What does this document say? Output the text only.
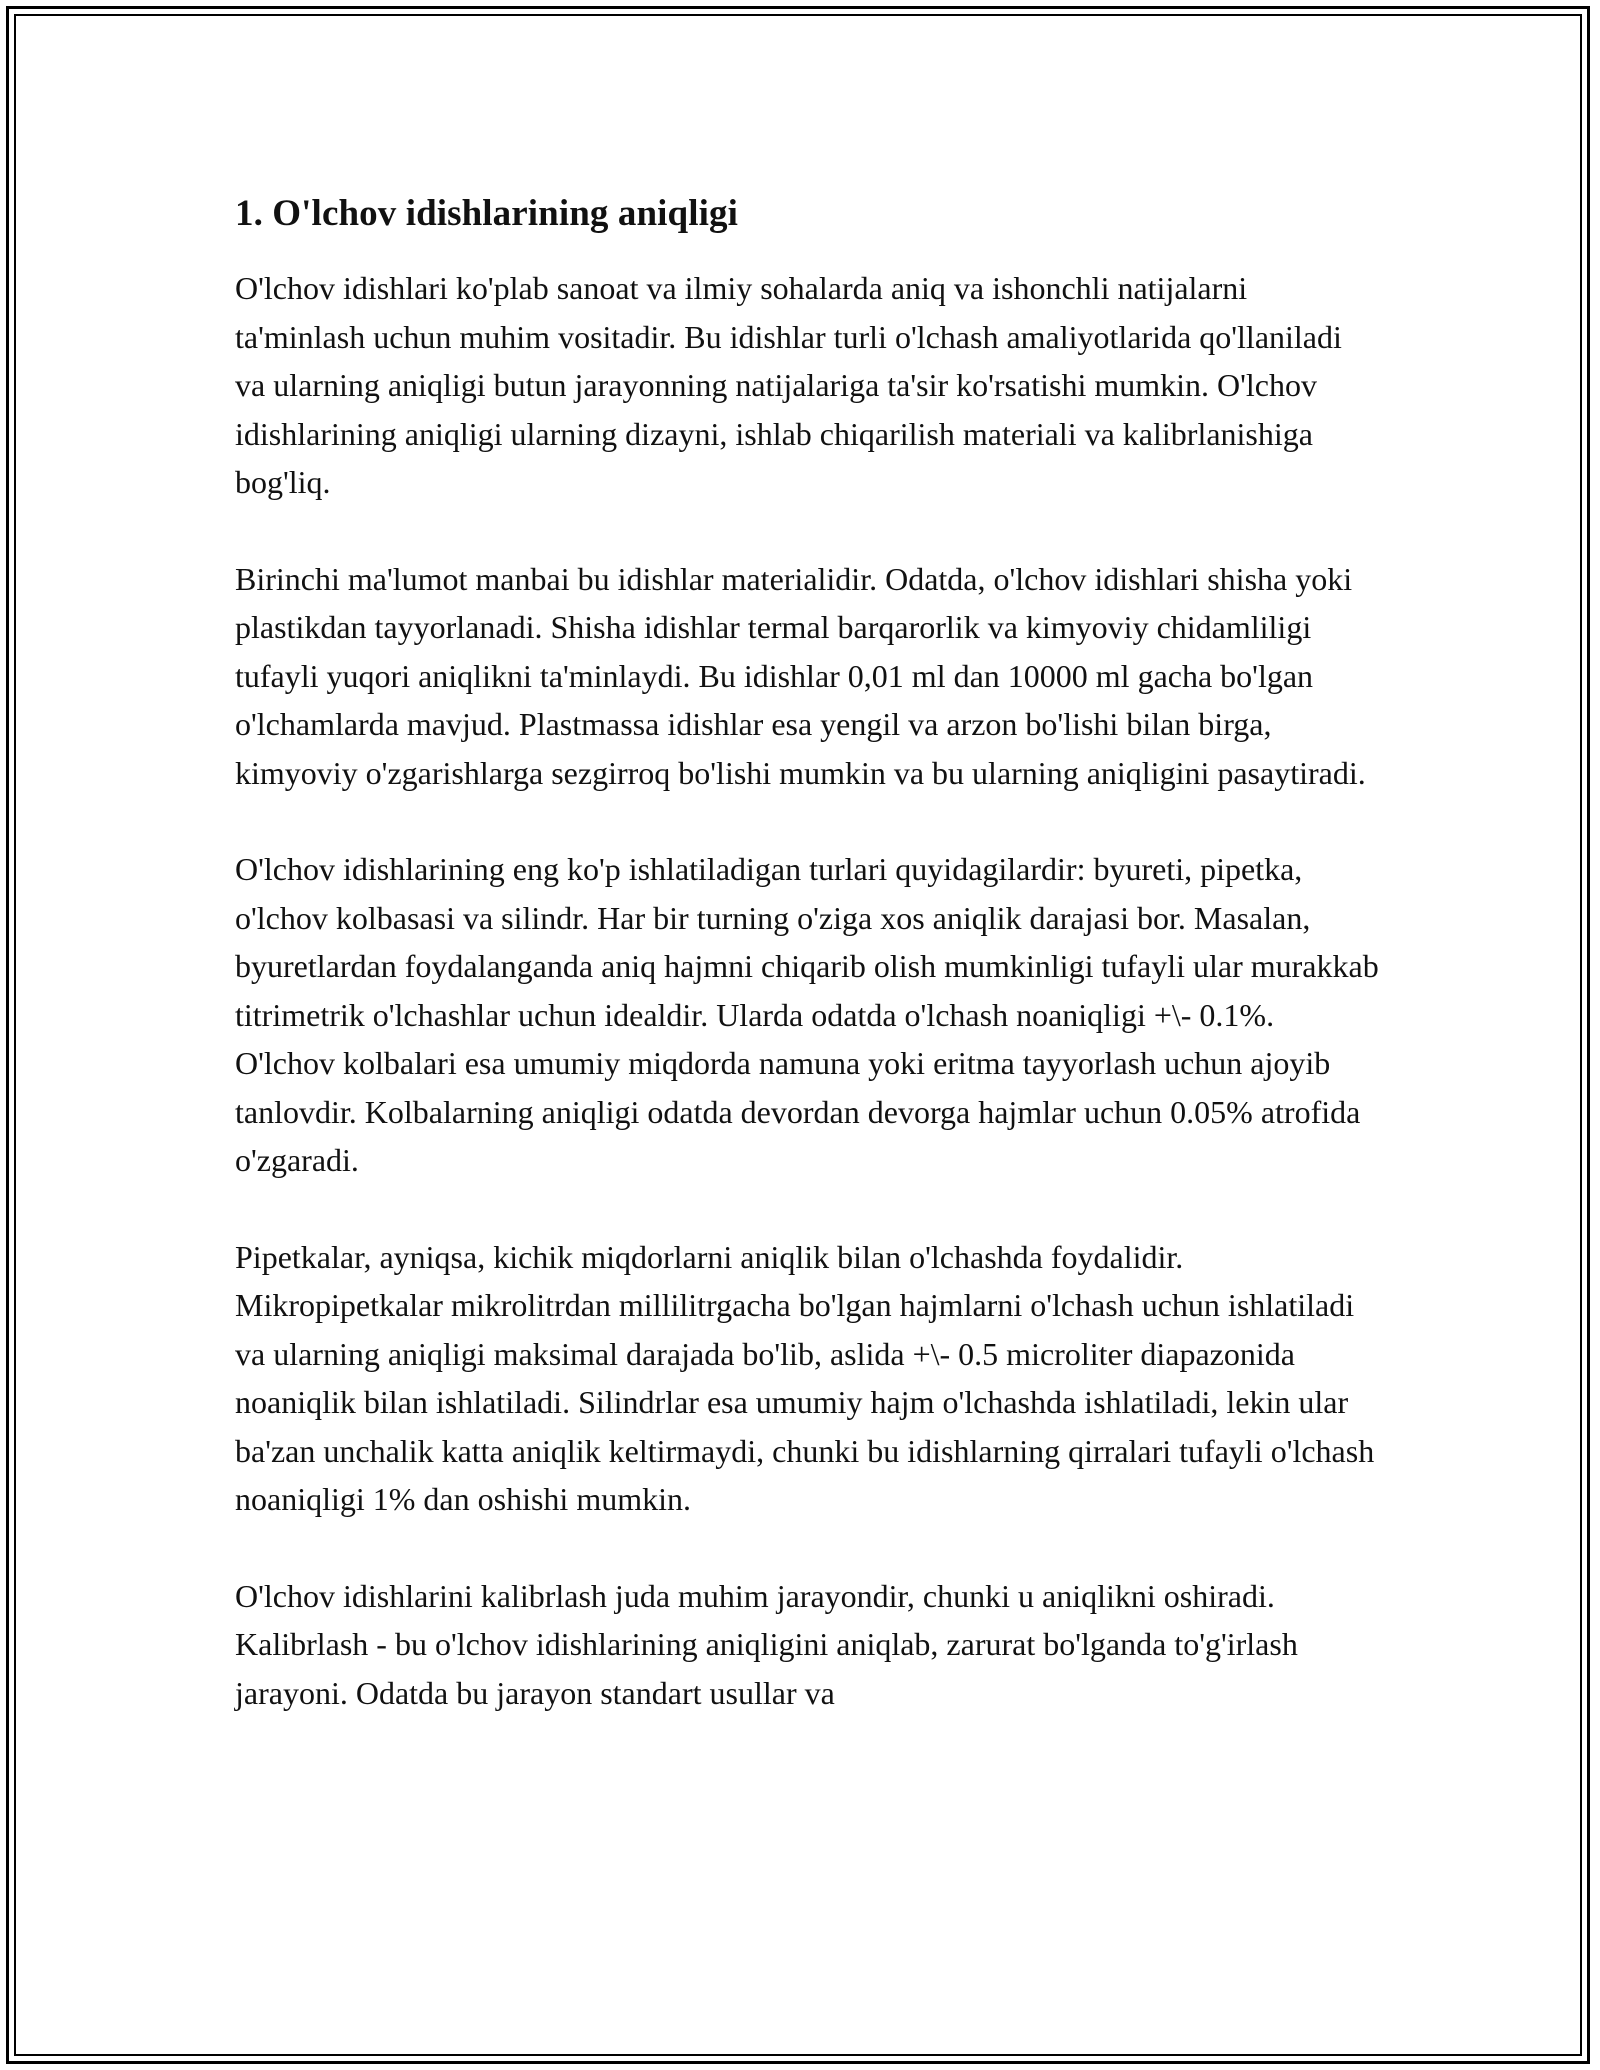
1. O'lchov idishlarining aniqligi

O'lchov idishlari ko'plab sanoat va ilmiy sohalarda aniq va ishonchli natijalarni ta'minlash uchun muhim vositadir. Bu idishlar turli o'lchash amaliyotlarida qo'llaniladi va ularning aniqligi butun jarayonning natijalariga ta'sir ko'rsatishi mumkin. O'lchov idishlarining aniqligi ularning dizayni, ishlab chiqarilish materiali va kalibrlanishiga bog'liq.

Birinchi ma'lumot manbai bu idishlar materialidir. Odatda, o'lchov idishlari shisha yoki plastikdan tayyorlanadi. Shisha idishlar termal barqarorlik va kimyoviy chidamliligi tufayli yuqori aniqlikni ta'minlaydi. Bu idishlar 0,01 ml dan 10000 ml gacha bo'lgan o'lchamlarda mavjud. Plastmassa idishlar esa yengil va arzon bo'lishi bilan birga, kimyoviy o'zgarishlarga sezgirroq bo'lishi mumkin va bu ularning aniqligini pasaytiradi.

O'lchov idishlarining eng ko'p ishlatiladigan turlari quyidagilardir: byureti, pipetka, o'lchov kolbasasi va silindr. Har bir turning o'ziga xos aniqlik darajasi bor. Masalan, byuretlardan foydalanganda aniq hajmni chiqarib olish mumkinligi tufayli ular murakkab titrimetrik o'lchashlar uchun idealdir. Ularda odatda o'lchash noaniqligi +\- 0.1%. O'lchov kolbalari esa umumiy miqdorda namuna yoki eritma tayyorlash uchun ajoyib tanlovdir. Kolbalarning aniqligi odatda devordan devorga hajmlar uchun 0.05% atrofida o'zgaradi.

Pipetkalar, ayniqsa, kichik miqdorlarni aniqlik bilan o'lchashda foydalidir. Mikropipetkalar mikrolitrdan millilitrgacha bo'lgan hajmlarni o'lchash uchun ishlatiladi va ularning aniqligi maksimal darajada bo'lib, aslida +\- 0.5 microliter diapazonida noaniqlik bilan ishlatiladi. Silindrlar esa umumiy hajm o'lchashda ishlatiladi, lekin ular ba'zan unchalik katta aniqlik keltirmaydi, chunki bu idishlarning qirralari tufayli o'lchash noaniqligi 1% dan oshishi mumkin.

O'lchov idishlarini kalibrlash juda muhim jarayondir, chunki u aniqlikni oshiradi. Kalibrlash - bu o'lchov idishlarining aniqligini aniqlab, zarurat bo'lganda to'g'irlash jarayoni. Odatda bu jarayon standart usullar va
